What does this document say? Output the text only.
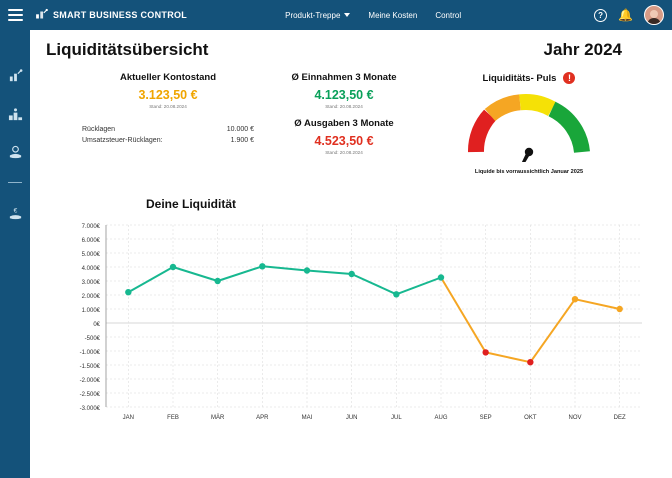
SMART BUSINESS CONTROL	Produkt-Treppe	Meine Kosten Control	?	🔔
€
Liquiditätsübersicht	Jahr 2024
Aktueller Kontostand
3.123,50 €
Stand: 20.08.2024
Rücklagen	10.000 €
Umsatzsteuer-Rücklagen:	1.900 €
Ø Einnahmen 3 Monate
4.123,50 €
Stand: 20.08.2024
Ø Ausgaben 3 Monate
4.523,50 €
Stand: 20.08.2024
Liquiditäts- Puls	!
Liquide bis vorraussichtlich Januar 2025
Deine Liquidität
7.000€
6.000€
5.000€
4.000€
3.000€
2.000€
1.000€
0€
-500€
-1.000€
-1.500€
-2.000€
-2.500€
-3.000€
JAN	FEB	MÄR	APR	MAI	JUN	JUL	AUG	SEP	OKT	NOV	DEZ
